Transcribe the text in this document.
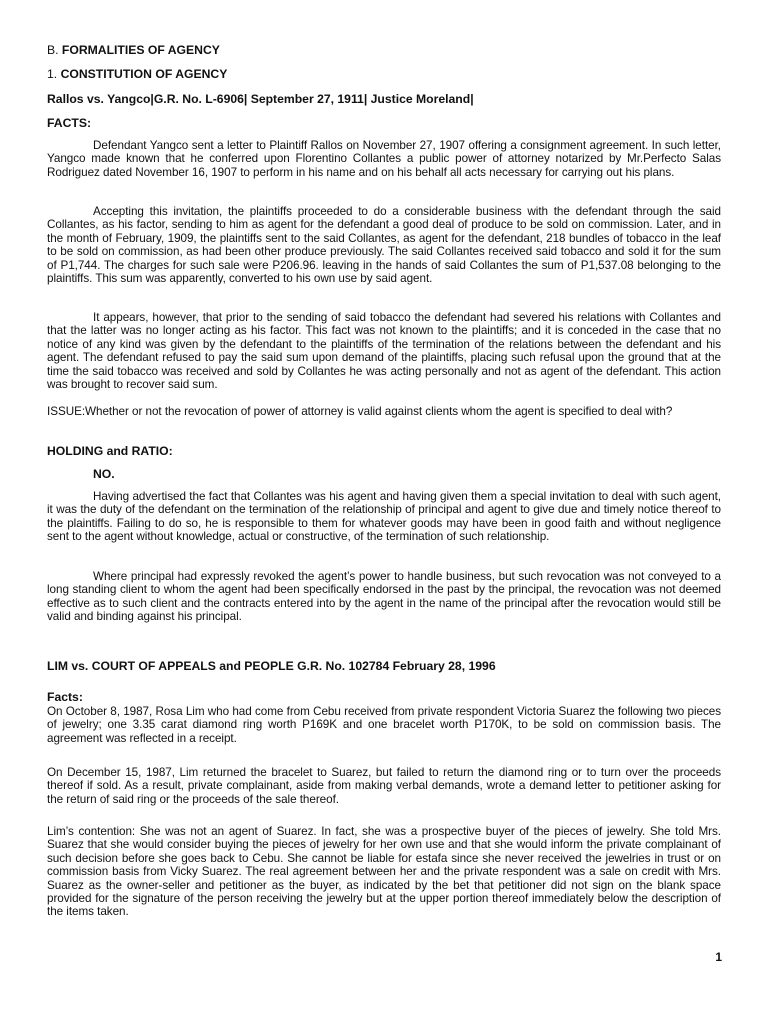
B. FORMALITIES OF AGENCY
1. CONSTITUTION OF AGENCY
Rallos vs. Yangco|G.R. No. L-6906| September 27, 1911| Justice Moreland|
FACTS:

Defendant Yangco sent a letter to Plaintiff Rallos on November 27, 1907 offering a consignment agreement. In such letter, Yangco made known that he conferred upon Florentino Collantes a public power of attorney notarized by Mr.Perfecto Salas Rodriguez dated November 16, 1907 to perform in his name and on his behalf all acts necessary for carrying out his plans.

Accepting this invitation, the plaintiffs proceeded to do a considerable business with the defendant through the said Collantes, as his factor, sending to him as agent for the defendant a good deal of produce to be sold on commission. Later, and in the month of February, 1909, the plaintiffs sent to the said Collantes, as agent for the defendant, 218 bundles of tobacco in the leaf to be sold on commission, as had been other produce previously. The said Collantes received said tobacco and sold it for the sum of P1,744. The charges for such sale were P206.96. leaving in the hands of said Collantes the sum of P1,537.08 belonging to the plaintiffs. This sum was apparently, converted to his own use by said agent.

It appears, however, that prior to the sending of said tobacco the defendant had severed his relations with Collantes and that the latter was no longer acting as his factor. This fact was not known to the plaintiffs; and it is conceded in the case that no notice of any kind was given by the defendant to the plaintiffs of the termination of the relations between the defendant and his agent. The defendant refused to pay the said sum upon demand of the plaintiffs, placing such refusal upon the ground that at the time the said tobacco was received and sold by Collantes he was acting personally and not as agent of the defendant. This action was brought to recover said sum.

ISSUE:Whether or not the revocation of power of attorney is valid against clients whom the agent is specified to deal with?

HOLDING and RATIO:
NO.

Having advertised the fact that Collantes was his agent and having given them a special invitation to deal with such agent, it was the duty of the defendant on the termination of the relationship of principal and agent to give due and timely notice thereof to the plaintiffs. Failing to do so, he is responsible to them for whatever goods may have been in good faith and without negligence sent to the agent without knowledge, actual or constructive, of the termination of such relationship.

Where principal had expressly revoked the agent’s power to handle business, but such revocation was not conveyed to a long standing client to whom the agent had been specifically endorsed in the past by the principal, the revocation was not deemed effective as to such client and the contracts entered into by the agent in the name of the principal after the revocation would still be valid and binding against his principal.

LIM vs. COURT OF APPEALS and PEOPLE G.R. No. 102784 February 28, 1996
Facts:

On October 8, 1987, Rosa Lim who had come from Cebu received from private respondent Victoria Suarez the following two pieces of jewelry; one 3.35 carat diamond ring worth P169K and one bracelet worth P170K, to be sold on commission basis. The agreement was reflected in a receipt.

On December 15, 1987, Lim returned the bracelet to Suarez, but failed to return the diamond ring or to turn over the proceeds thereof if sold. As a result, private complainant, aside from making verbal demands, wrote a demand letter to petitioner asking for the return of said ring or the proceeds of the sale thereof.

Lim’s contention: She was not an agent of Suarez. In fact, she was a prospective buyer of the pieces of jewelry. She told Mrs. Suarez that she would consider buying the pieces of jewelry for her own use and that she would inform the private complainant of such decision before she goes back to Cebu. She cannot be liable for estafa since she never received the jewelries in trust or on commission basis from Vicky Suarez. The real agreement between her and the private respondent was a sale on credit with Mrs. Suarez as the owner-seller and petitioner as the buyer, as indicated by the bet that petitioner did not sign on the blank space provided for the signature of the person receiving the jewelry but at the upper portion thereof immediately below the description of the items taken.

1
